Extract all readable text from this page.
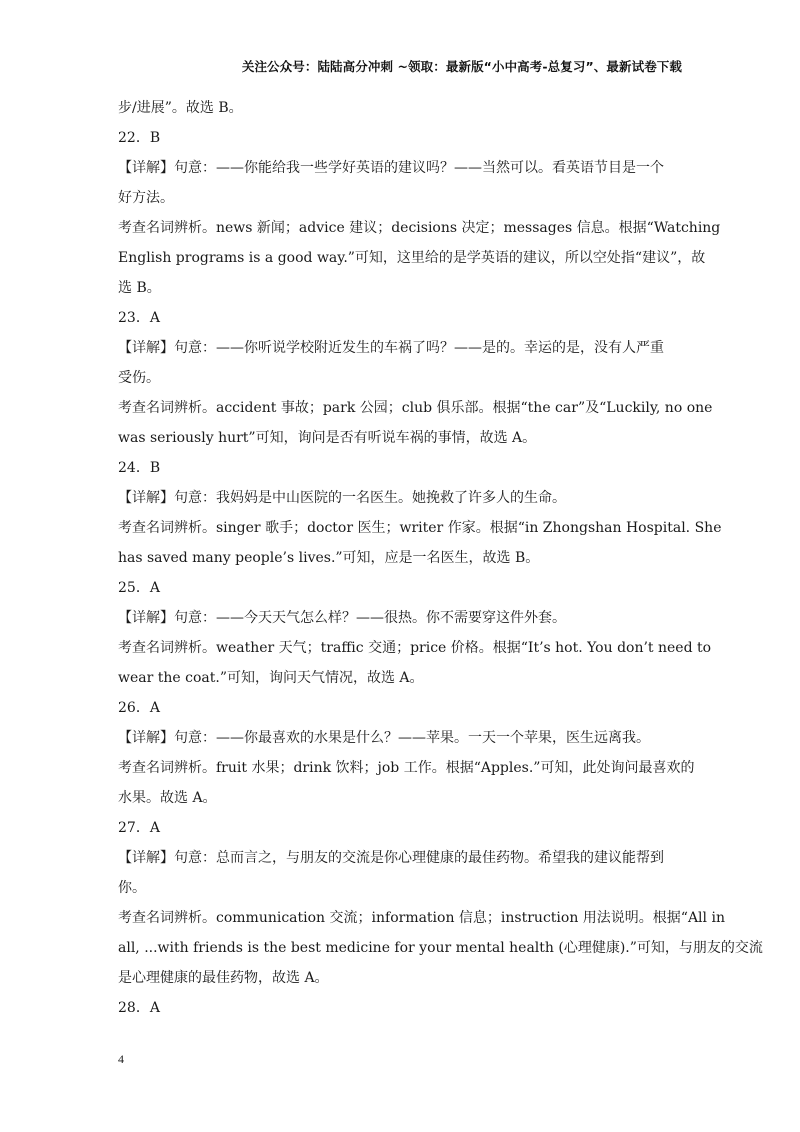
关注公众号：陆陆高分冲刺 ~领取：最新版“小中高考-总复习”、最新试卷下载
步/进展”。故选 B。
22．B
【详解】句意：——你能给我一些学好英语的建议吗？——当然可以。看英语节目是一个
好方法。
考查名词辨析。news 新闻；advice 建议；decisions 决定；messages 信息。根据“Watching
English programs is a good way.”可知，这里给的是学英语的建议，所以空处指“建议”，故
选 B。
23．A
【详解】句意：——你听说学校附近发生的车祸了吗？——是的。幸运的是，没有人严重
受伤。
考查名词辨析。accident 事故；park 公园；club 俱乐部。根据“the car”及“Luckily, no one
was seriously hurt”可知，询问是否有听说车祸的事情，故选 A。
24．B
【详解】句意：我妈妈是中山医院的一名医生。她挽救了许多人的生命。
考查名词辨析。singer 歌手；doctor 医生；writer 作家。根据“in Zhongshan Hospital. She
has saved many people’s lives.”可知，应是一名医生，故选 B。
25．A
【详解】句意：——今天天气怎么样？——很热。你不需要穿这件外套。
考查名词辨析。weather 天气；traffic 交通；price 价格。根据“It’s hot. You don’t need to
wear the coat.”可知，询问天气情况，故选 A。
26．A
【详解】句意：——你最喜欢的水果是什么？——苹果。一天一个苹果，医生远离我。
考查名词辨析。fruit 水果；drink 饮料；job 工作。根据“Apples.”可知，此处询问最喜欢的
水果。故选 A。
27．A
【详解】句意：总而言之，与朋友的交流是你心理健康的最佳药物。希望我的建议能帮到
你。
考查名词辨析。communication 交流；information 信息；instruction 用法说明。根据“All in
all, ...with friends is the best medicine for your mental health (心理健康).”可知，与朋友的交流
是心理健康的最佳药物，故选 A。
28．A
4
